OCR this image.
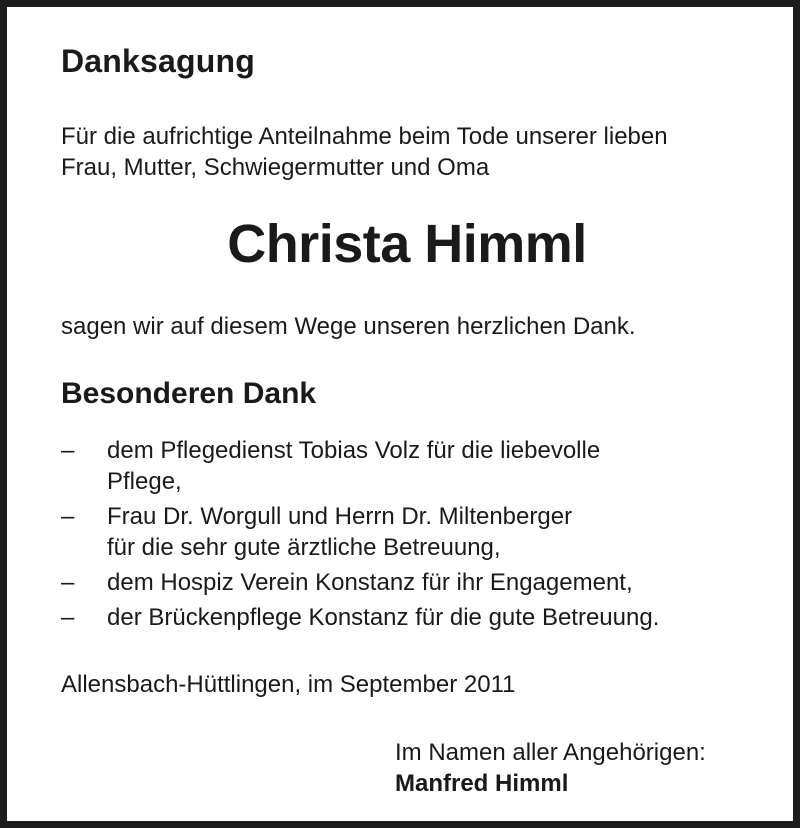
Danksagung
Für die aufrichtige Anteilnahme beim Tode unserer lieben
Frau, Mutter, Schwiegermutter und Oma
Christa Himml
sagen wir auf diesem Wege unseren herzlichen Dank.
Besonderen Dank
– dem Pflegedienst Tobias Volz für die liebevolle
Pflege,
– Frau Dr. Worgull und Herrn Dr. Miltenberger
für die sehr gute ärztliche Betreuung,
– dem Hospiz Verein Konstanz für ihr Engagement,
– der Brückenpflege Konstanz für die gute Betreuung.
Allensbach-Hüttlingen, im September 2011
Im Namen aller Angehörigen:
Manfred Himml
